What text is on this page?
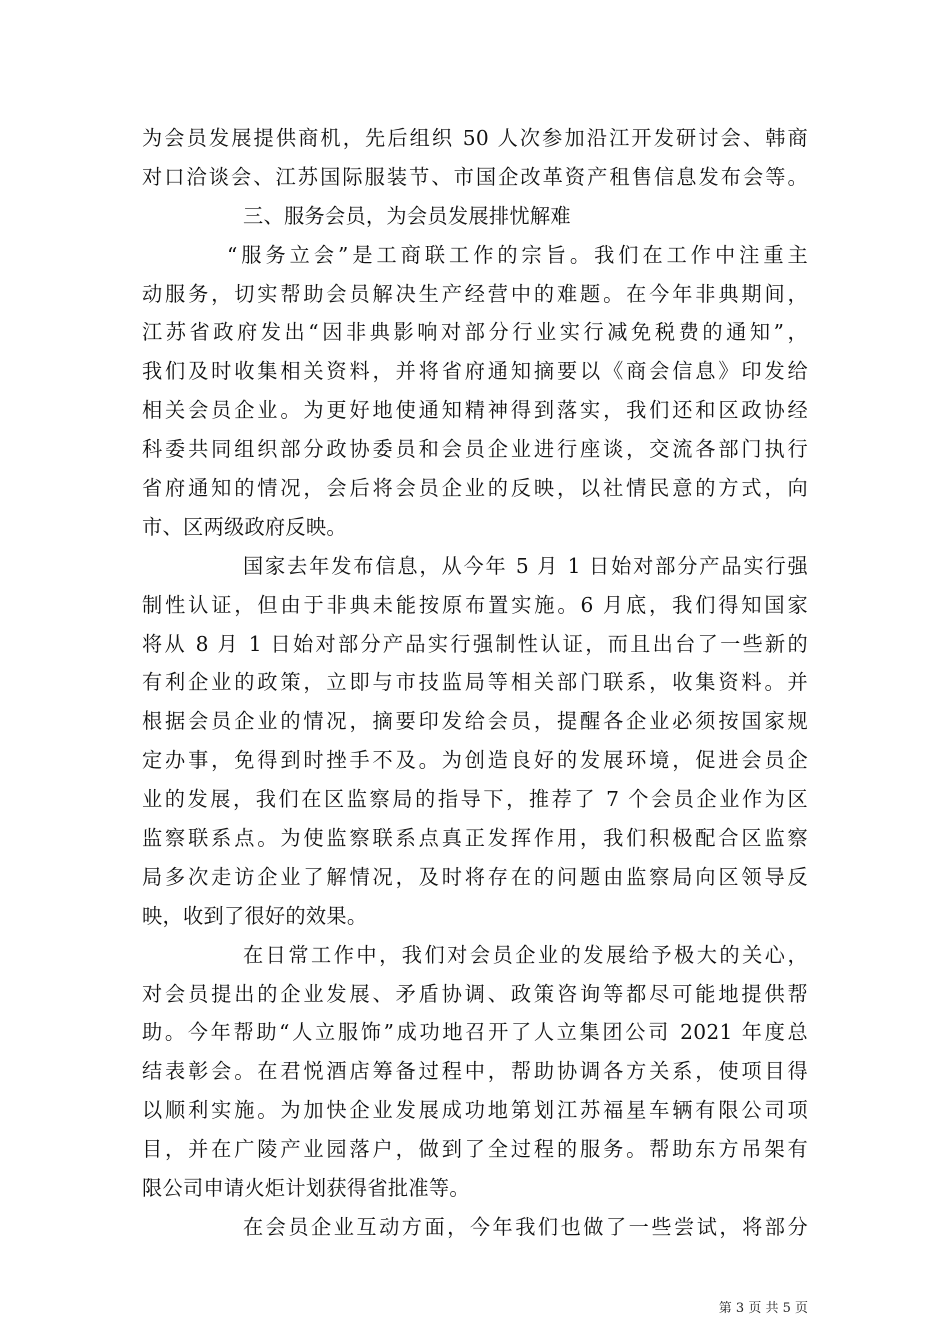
为会员发展提供商机，先后组织 50 人次参加沿江开发研讨会、韩商
对口洽谈会、江苏国际服装节、市国企改革资产租售信息发布会等。
三、服务会员，为会员发展排忧解难
“服务立会”是工商联工作的宗旨。我们在工作中注重主
动服务，切实帮助会员解决生产经营中的难题。在今年非典期间，
江苏省政府发出“因非典影响对部分行业实行减免税费的通知”，
我们及时收集相关资料，并将省府通知摘要以《商会信息》印发给
相关会员企业。为更好地使通知精神得到落实，我们还和区政协经
科委共同组织部分政协委员和会员企业进行座谈，交流各部门执行
省府通知的情况，会后将会员企业的反映，以社情民意的方式，向
市、区两级政府反映。
国家去年发布信息，从今年 5 月 1 日始对部分产品实行强
制性认证，但由于非典未能按原布置实施。6 月底，我们得知国家
将从 8 月 1 日始对部分产品实行强制性认证，而且出台了一些新的
有利企业的政策，立即与市技监局等相关部门联系，收集资料。并
根据会员企业的情况，摘要印发给会员，提醒各企业必须按国家规
定办事，免得到时挫手不及。为创造良好的发展环境，促进会员企
业的发展，我们在区监察局的指导下，推荐了 7 个会员企业作为区
监察联系点。为使监察联系点真正发挥作用，我们积极配合区监察
局多次走访企业了解情况，及时将存在的问题由监察局向区领导反
映，收到了很好的效果。
在日常工作中，我们对会员企业的发展给予极大的关心，
对会员提出的企业发展、矛盾协调、政策咨询等都尽可能地提供帮
助。今年帮助“人立服饰”成功地召开了人立集团公司 2021 年度总
结表彰会。在君悦酒店筹备过程中，帮助协调各方关系，使项目得
以顺利实施。为加快企业发展成功地第划江苏福星车辆有限公司项
目，并在广陵产业园落户，做到了全过程的服务。帮助东方吊架有
限公司申请火炬计划获得省批准等。
在会员企业互动方面，今年我们也做了一些尝试，将部分
第 3 页 共 5 页
